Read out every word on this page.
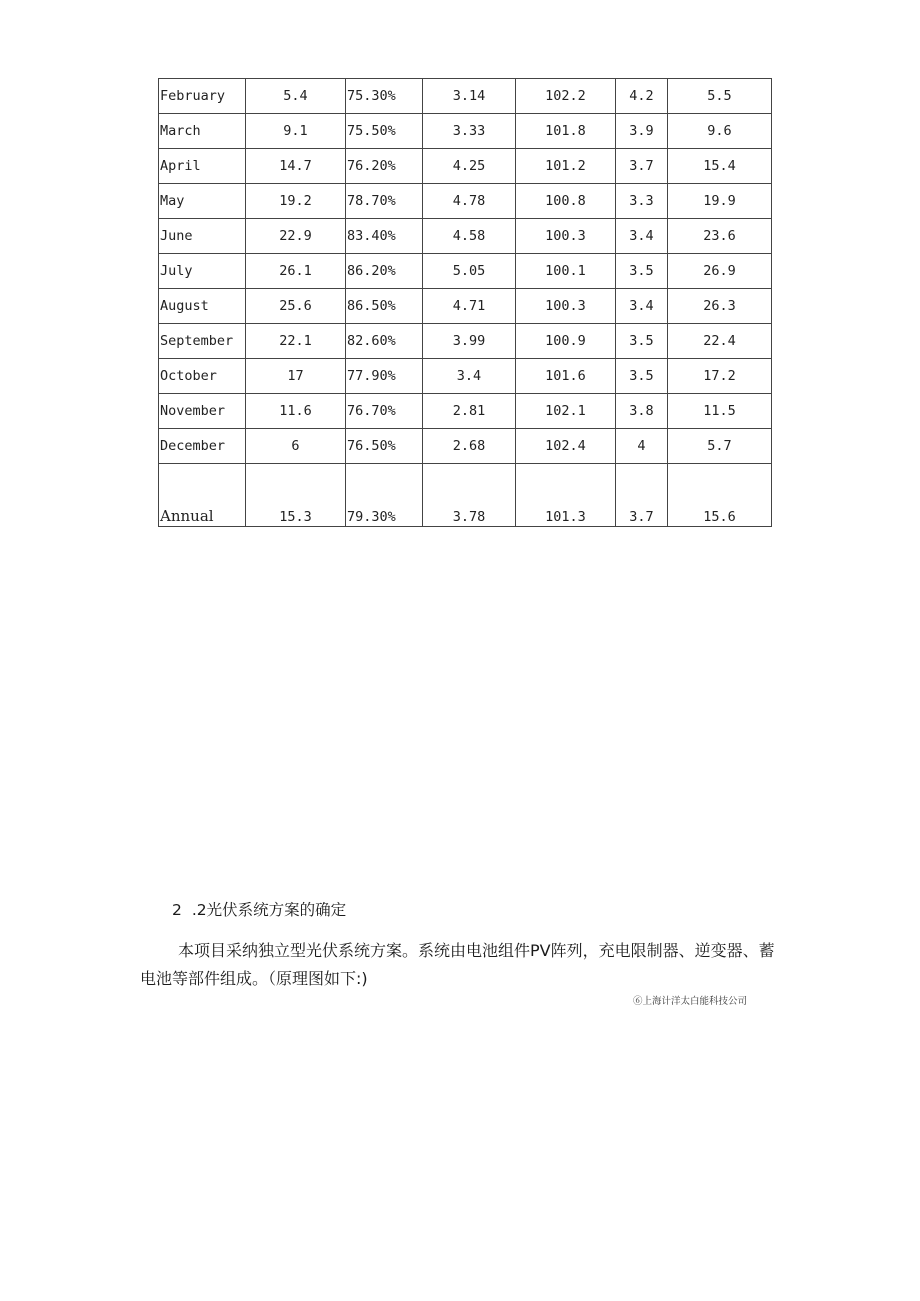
February	5.4	75.30%	3.14	102.2	4.2	5.5
March	9.1	75.50%	3.33	101.8	3.9	9.6
April	14.7	76.20%	4.25	101.2	3.7	15.4
May	19.2	78.70%	4.78	100.8	3.3	19.9
June	22.9	83.40%	4.58	100.3	3.4	23.6
July	26.1	86.20%	5.05	100.1	3.5	26.9
August	25.6	86.50%	4.71	100.3	3.4	26.3
September	22.1	82.60%	3.99	100.9	3.5	22.4
October	17	77.90%	3.4	101.6	3.5	17.2
November	11.6	76.70%	2.81	102.1	3.8	11.5
December	6	76.50%	2.68	102.4	4	5.7
Annual	15.3	79.30%	3.78	101.3	3.7	15.6
2 .2光伏系统方案的确定
本项目采纳独立型光伏系统方案。系统由电池组件PV阵列，充电限制器、逆变器、蓄电池等部件组成。（原理图如下:)
⑥上海计洋太白能科技公司
